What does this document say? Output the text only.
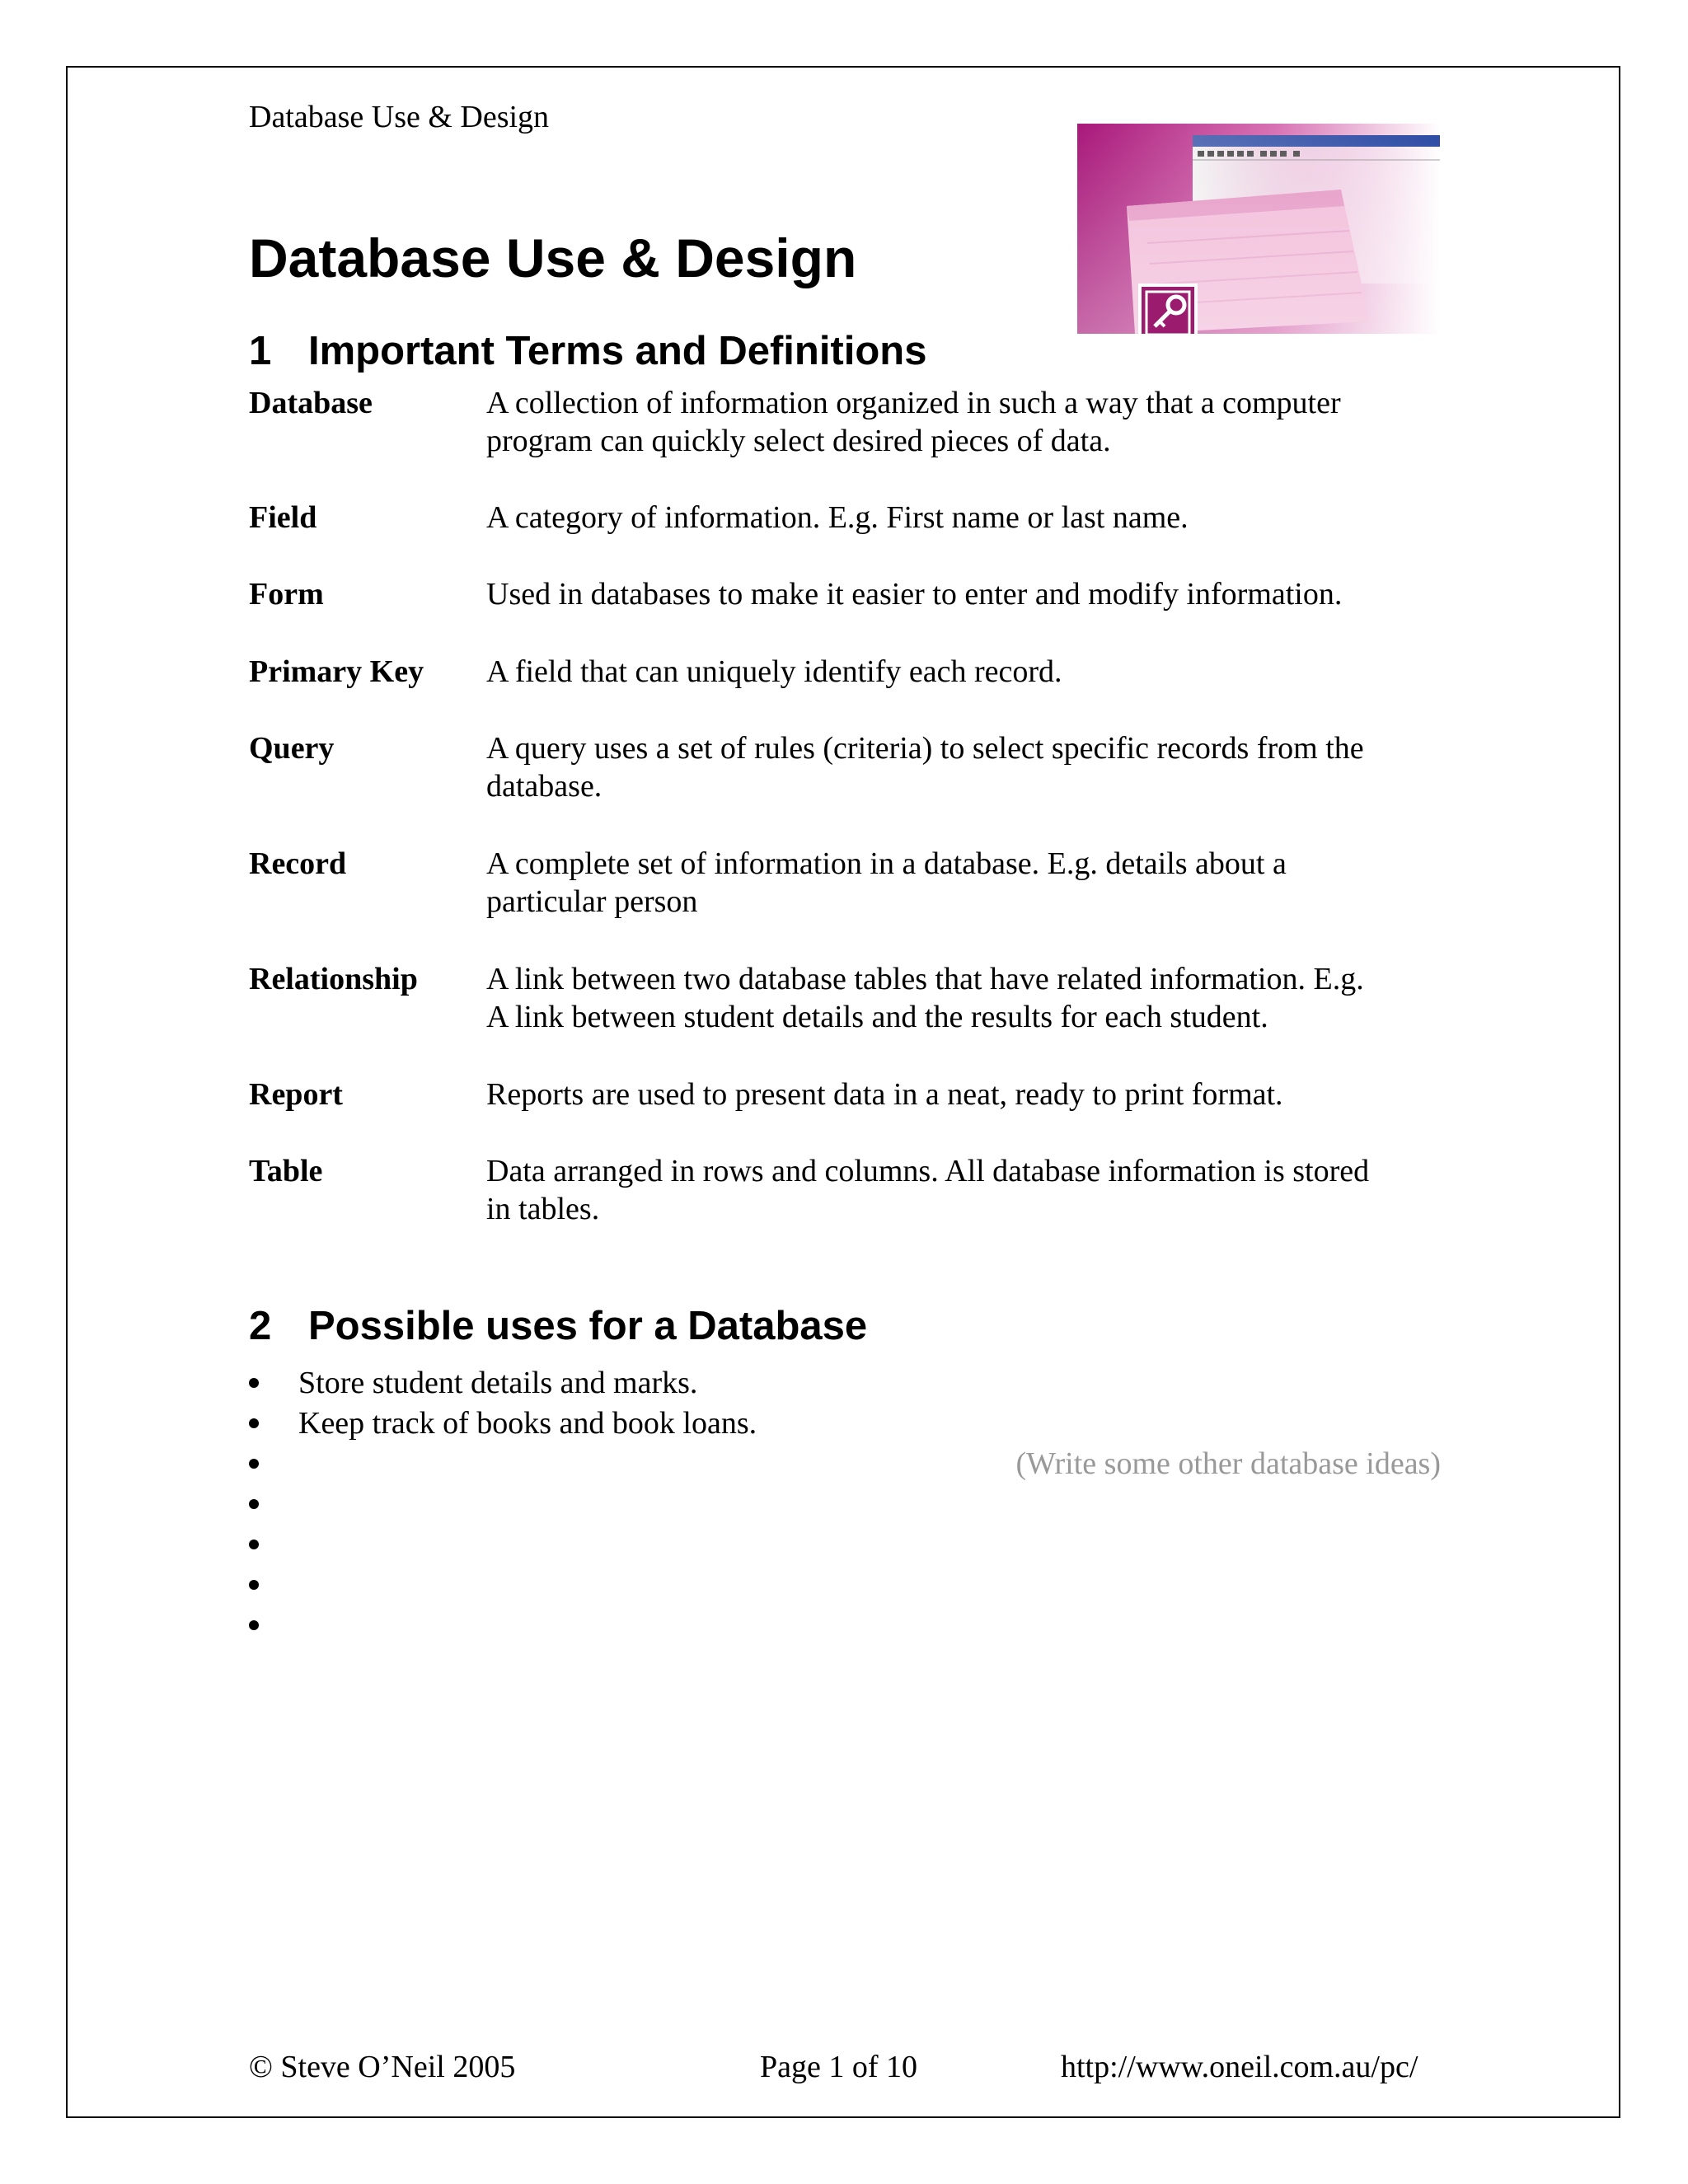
Database Use & Design
Database Use & Design
1 Important Terms and Definitions
Database	A collection of information organized in such a way that a computer
program can quickly select desired pieces of data.
Field	A category of information. E.g. First name or last name.
Form	Used in databases to make it easier to enter and modify information.
Primary Key	A field that can uniquely identify each record.
Query	A query uses a set of rules (criteria) to select specific records from the
database.
Record	A complete set of information in a database. E.g. details about a
particular person
Relationship	A link between two database tables that have related information. E.g.
A link between student details and the results for each student.
Report	Reports are used to present data in a neat, ready to print format.
Table	Data arranged in rows and columns. All database information is stored
in tables.
2 Possible uses for a Database
Store student details and marks.
Keep track of books and book loans.
(Write some other database ideas)
© Steve O’Neil 2005	Page 1 of 10	http://www.oneil.com.au/pc/
